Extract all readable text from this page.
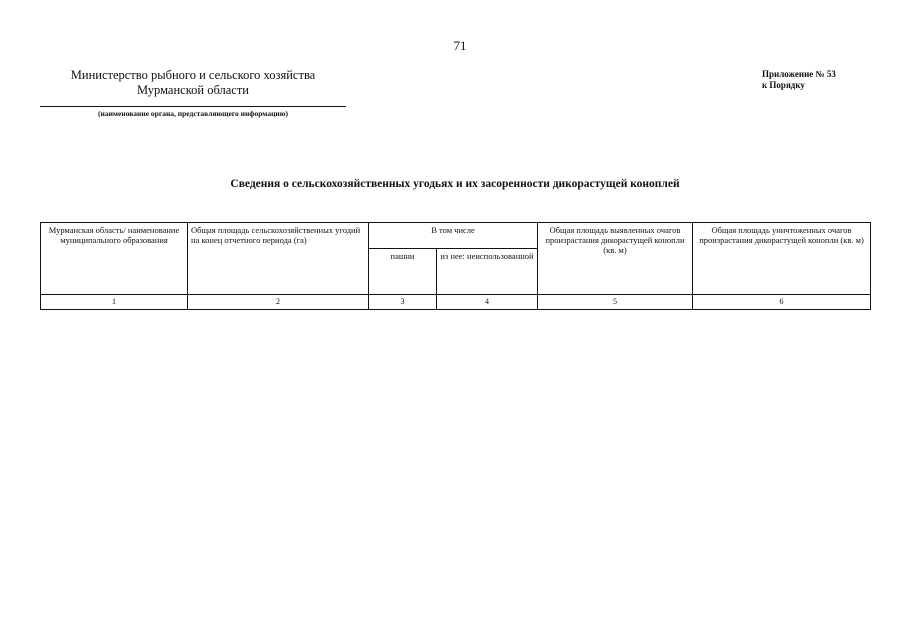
71
Министерство рыбного и сельского хозяйства
Мурманской области
(наименование органа, представляющего информацию)
Приложение № 53
к Порядку
Сведения о сельскохозяйственных угодьях и их засоренности дикорастущей коноплей
Мурманская область/ наименование муниципального образования	Общая площадь сельскохозяйственных угодий на конец отчетного периода (га)	В том числе		Общая площадь выявленных очагов произрастания дикорастущей конопли (кв. м)	Общая площадь уничтоженных очагов произрастания дикорастущей конопли (кв. м)
		пашни	из нее: неиспользованной		
1	2	3	4	5	6
